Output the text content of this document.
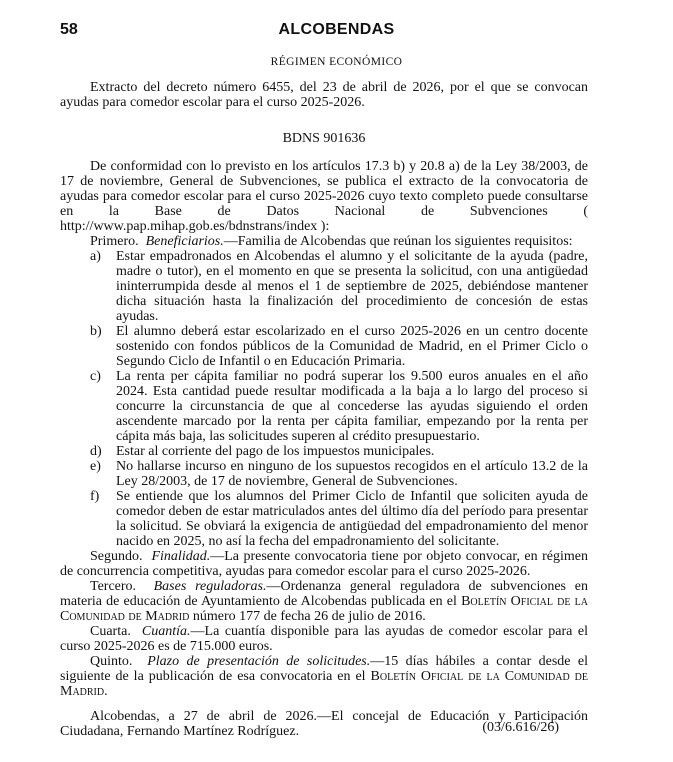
58	ALCOBENDAS
RÉGIMEN ECONÓMICO

Extracto del decreto número 6455, del 23 de abril de 2026, por el que se convocan ayudas para comedor escolar para el curso 2025-2026.

BDNS 901636

De conformidad con lo previsto en los artículos 17.3 b) y 20.8 a) de la Ley 38/2003, de 17 de noviembre, General de Subvenciones, se publica el extracto de la convocatoria de ayudas para comedor escolar para el curso 2025-2026 cuyo texto completo puede consultarse en la Base de Datos Nacional de Subvenciones ( http://www.pap.mihap.gob.es/bdnstrans/index ):

Primero. Beneficiarios.—Familia de Alcobendas que reúnan los siguientes requisitos:

a)	Estar empadronados en Alcobendas el alumno y el solicitante de la ayuda (padre, madre o tutor), en el momento en que se presenta la solicitud, con una antigüedad ininterrumpida desde al menos el 1 de septiembre de 2025, debiéndose mantener dicha situación hasta la finalización del procedimiento de concesión de estas ayudas.
b)	El alumno deberá estar escolarizado en el curso 2025-2026 en un centro docente sostenido con fondos públicos de la Comunidad de Madrid, en el Primer Ciclo o Segundo Ciclo de Infantil o en Educación Primaria.
c)	La renta per cápita familiar no podrá superar los 9.500 euros anuales en el año 2024. Esta cantidad puede resultar modificada a la baja a lo largo del proceso si concurre la circunstancia de que al concederse las ayudas siguiendo el orden ascendente marcado por la renta per cápita familiar, empezando por la renta per cápita más baja, las solicitudes superen al crédito presupuestario.
d)	Estar al corriente del pago de los impuestos municipales.
e)	No hallarse incurso en ninguno de los supuestos recogidos en el artículo 13.2 de la Ley 28/2003, de 17 de noviembre, General de Subvenciones.
f)	Se entiende que los alumnos del Primer Ciclo de Infantil que soliciten ayuda de comedor deben de estar matriculados antes del último día del período para presentar la solicitud. Se obviará la exigencia de antigüedad del empadronamiento del menor nacido en 2025, no así la fecha del empadronamiento del solicitante.

Segundo. Finalidad.—La presente convocatoria tiene por objeto convocar, en régimen de concurrencia competitiva, ayudas para comedor escolar para el curso 2025-2026.

Tercero. Bases reguladoras.—Ordenanza general reguladora de subvenciones en materia de educación de Ayuntamiento de Alcobendas publicada en el Boletín Oficial de la Comunidad de Madrid número 177 de fecha 26 de julio de 2016.

Cuarta. Cuantía.—La cuantía disponible para las ayudas de comedor escolar para el curso 2025-2026 es de 715.000 euros.

Quinto. Plazo de presentación de solicitudes.—15 días hábiles a contar desde el siguiente de la publicación de esa convocatoria en el Boletín Oficial de la Comunidad de Madrid.

Alcobendas, a 27 de abril de 2026.—El concejal de Educación y Participación Ciudadana, Fernando Martínez Rodríguez.	(03/6.616/26)
